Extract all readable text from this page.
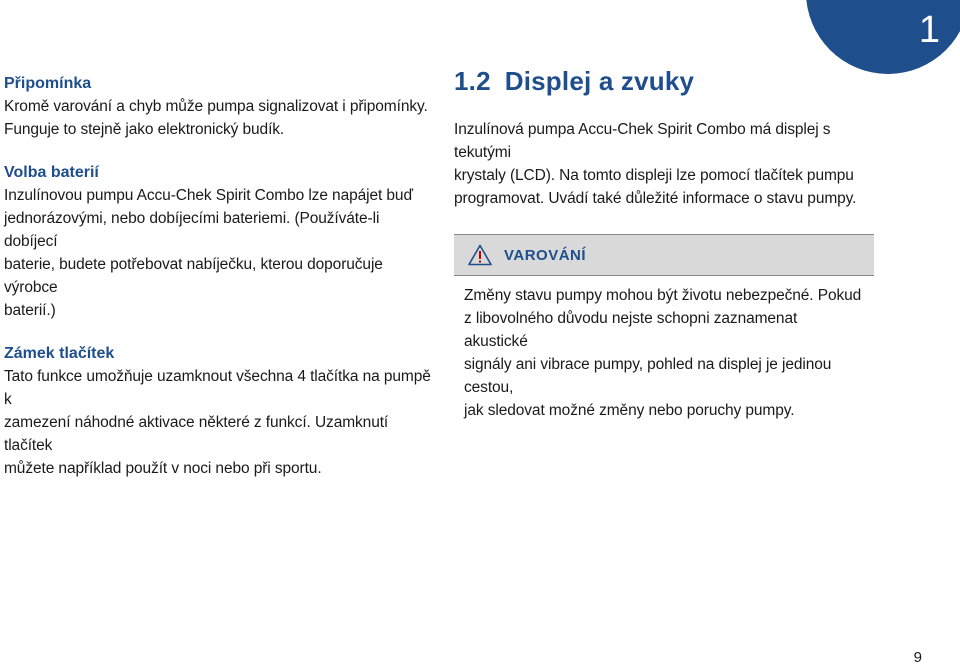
1

Připomínka

Kromě varování a chyb může pumpa signalizovat i připomínky.

Funguje to stejně jako elektronický budík.

Volba baterií

Inzulínovou pumpu Accu-Chek Spirit Combo lze napájet buď

jednorázovými, nebo dobíjecími bateriemi. (Používáte-li dobíjecí

baterie, budete potřebovat nabíječku, kterou doporučuje výrobce

baterií.)

Zámek tlačítek

Tato funkce umožňuje uzamknout všechna 4 tlačítka na pumpě k

zamezení náhodné aktivace některé z funkcí. Uzamknutí tlačítek

můžete například použít v noci nebo při sportu.

1.2 Displej a zvuky

Inzulínová pumpa Accu-Chek Spirit Combo má displej s tekutými

krystaly (LCD). Na tomto displeji lze pomocí tlačítek pumpu

programovat. Uvádí také důležité informace o stavu pumpy.

VAROVÁNÍ

Změny stavu pumpy mohou být životu nebezpečné. Pokud

z libovolného důvodu nejste schopni zaznamenat akustické

signály ani vibrace pumpy, pohled na displej je jedinou cestou,

jak sledovat možné změny nebo poruchy pumpy.

9
